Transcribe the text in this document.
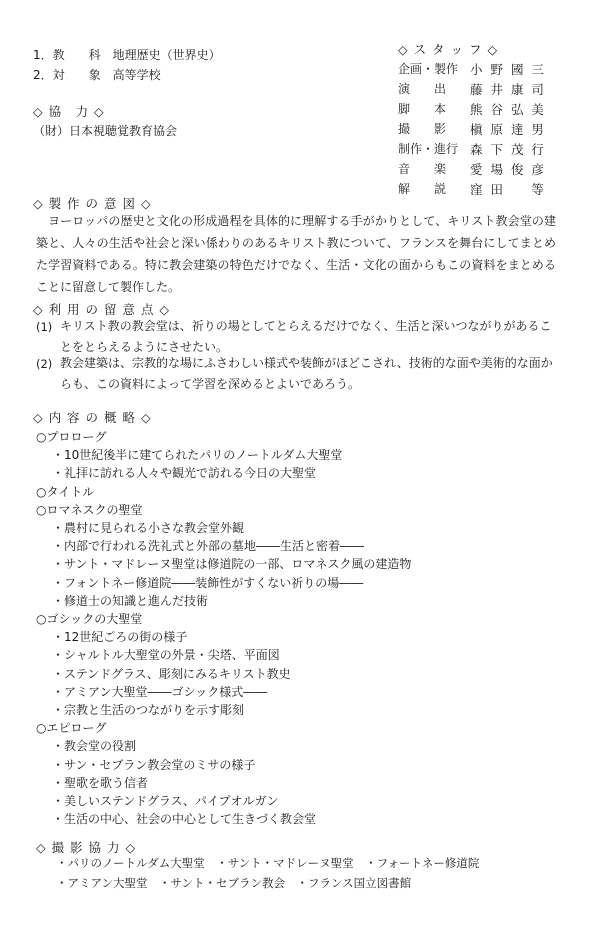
1．教　　科　地理歴史（世界史）
2．対　　象　高等学校
◇ 協　力 ◇
（財）日本視聴覚教育協会
◇ ス タ ッ フ ◇
企画・製作 小 野 國 三
演　　出	藤 井 康 司
脚　　本	熊 谷 弘 美
撮　　影	槇 原 達 男
制作・進行 森 下 茂 行
音　　楽	愛 場 俊 彦
解　　説	窪 田 　 等
◇ 製 作 の 意 図 ◇
ヨーロッパの歴史と文化の形成過程を具体的に理解する手がかりとして、キリスト教会堂の建築と、人々の生活や社会と深い係わりのあるキリスト教について、フランスを舞台にしてまとめた学習資料である。特に教会建築の特色だけでなく、生活・文化の面からもこの資料をまとめることに留意して製作した。
◇ 利 用 の 留 意 点 ◇
(1) キリスト教の教会堂は、祈りの場としてとらえるだけでなく、生活と深いつながりがあることをとらえるようにさせたい。
(2) 教会建築は、宗教的な場にふさわしい様式や装飾がほどこされ、技術的な面や美術的な面からも、この資料によって学習を深めるとよいであろう。
◇ 内 容 の 概 略 ◇
○プロローグ
・10世紀後半に建てられたパリのノートルダム大聖堂
・礼拝に訪れる人々や観光で訪れる今日の大聖堂
○タイトル
○ロマネスクの聖堂
・農村に見られる小さな教会堂外観
・内部で行われる洗礼式と外部の墓地――生活と密着――
・サント・マドレーヌ聖堂は修道院の一部、ロマネスク風の建造物
・フォントネー修道院――装飾性がすくない祈りの場――
・修道士の知識と進んだ技術
○ゴシックの大聖堂
・12世紀ごろの街の様子
・シャルトル大聖堂の外景・尖塔、平面図
・ステンドグラス、彫刻にみるキリスト教史
・アミアン大聖堂――ゴシック様式――
・宗教と生活のつながりを示す彫刻
○エピローグ
・教会堂の役割
・サン・セブラン教会堂のミサの様子
・聖歌を歌う信者
・美しいステンドグラス、パイプオルガン
・生活の中心、社会の中心として生きづく教会堂
◇ 撮 影 協 力 ◇
・パリのノートルダム大聖堂　・サント・マドレーヌ聖堂　・フォートネー修道院
・アミアン大聖堂　・サント・セブラン教会　・フランス国立図書館
